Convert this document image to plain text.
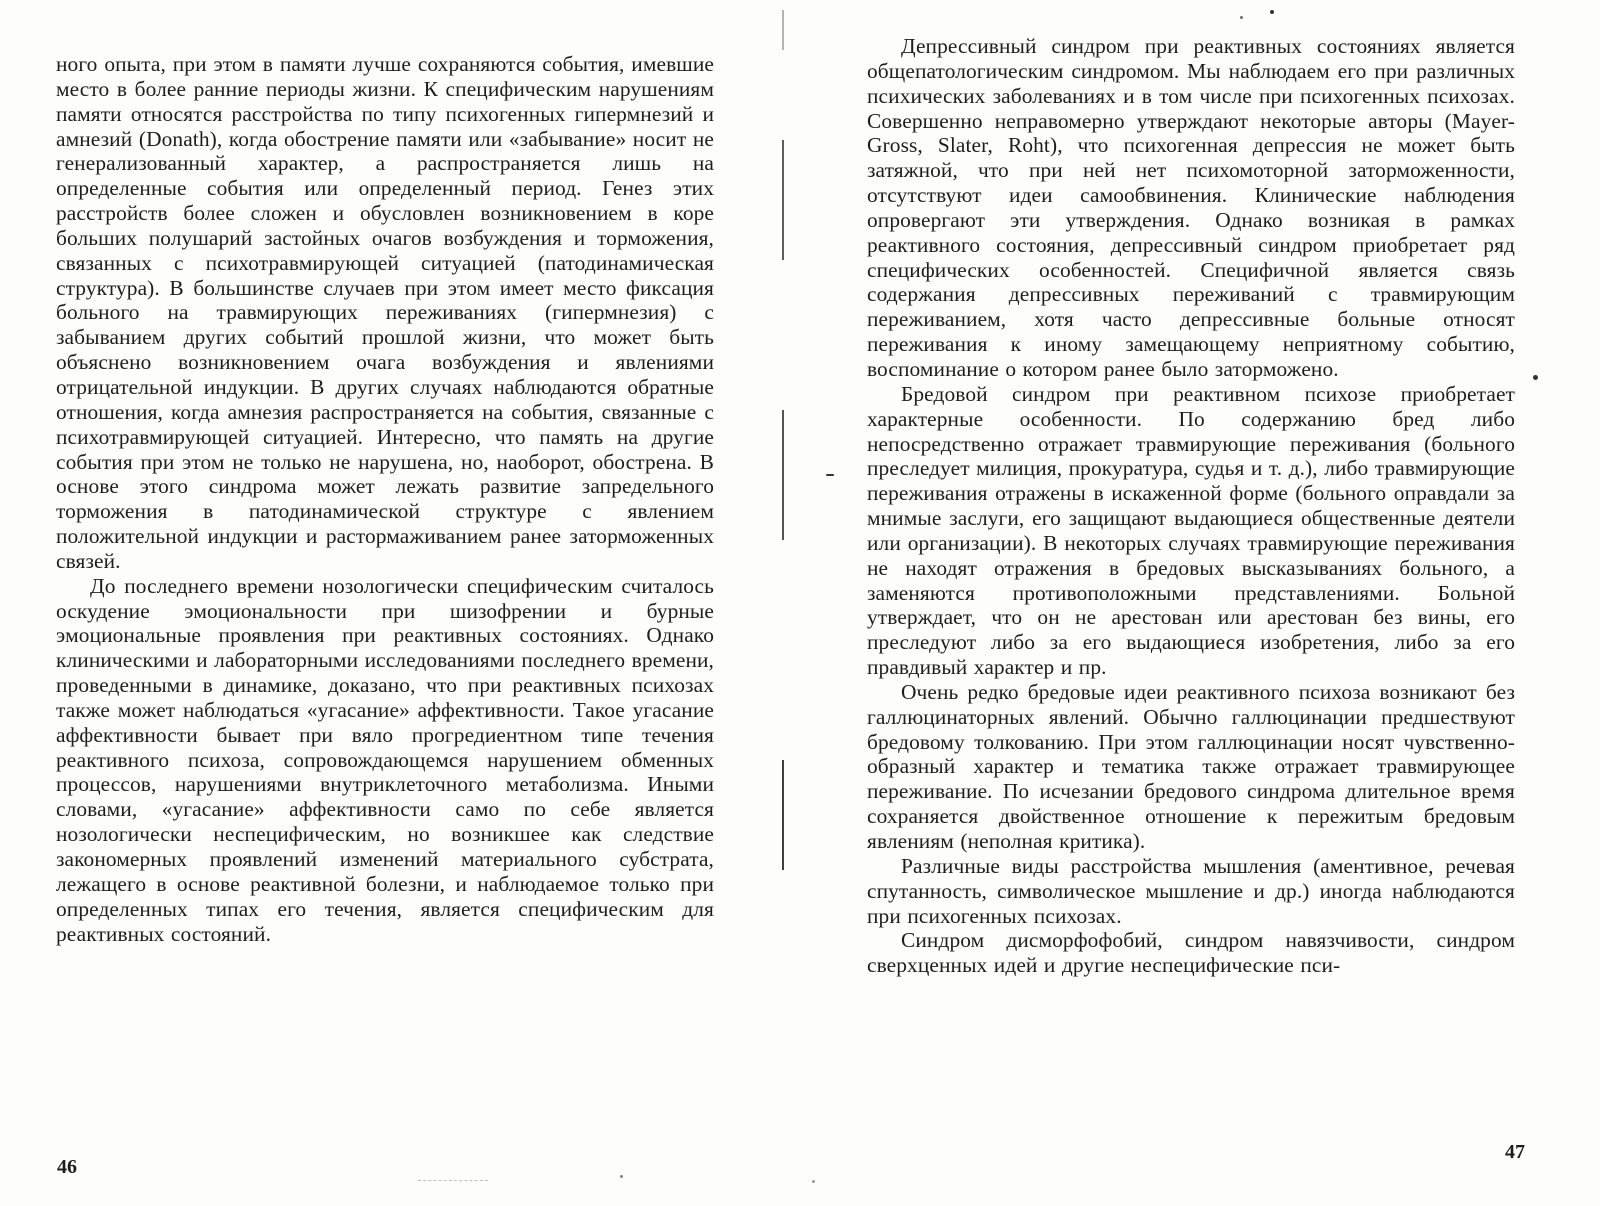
ного опыта, при этом в памяти лучше сохраняются события, имевшие место в более ранние периоды жизни. К специфическим нарушениям памяти относятся расстройства по типу психогенных гипермнезий и амнезий (Donath), когда обострение памяти или «забывание» носит не генерализованный характер, а распространяется лишь на определенные события или определенный период. Генез этих расстройств более сложен и обусловлен возникновением в коре больших полушарий застойных очагов возбуждения и торможения, связанных с психотравмирующей ситуацией (патодинамическая структура). В большинстве случаев при этом имеет место фиксация больного на травмирующих переживаниях (гипермнезия) с забыванием других событий прошлой жизни, что может быть объяснено возникновением очага возбуждения и явлениями отрицательной индукции. В других случаях наблюдаются обратные отношения, когда амнезия распространяется на события, связанные с психотравмирующей ситуацией. Интересно, что память на другие события при этом не только не нарушена, но, наоборот, обострена. В основе этого синдрома может лежать развитие запредельного торможения в патодинамической структуре с явлением положительной индукции и растормаживанием ранее заторможенных связей.

До последнего времени нозологически специфическим считалось оскудение эмоциональности при шизофрении и бурные эмоциональные проявления при реактивных состояниях. Однако клиническими и лабораторными исследованиями последнего времени, проведенными в динамике, доказано, что при реактивных психозах также может наблюдаться «угасание» аффективности. Такое угасание аффективности бывает при вяло прогредиентном типе течения реактивного психоза, сопровождающемся нарушением обменных процессов, нарушениями внутриклеточного метаболизма. Иными словами, «угасание» аффективности само по себе является нозологически неспецифическим, но возникшее как следствие закономерных проявлений изменений материального субстрата, лежащего в основе реактивной болезни, и наблюдаемое только при определенных типах его течения, является специфическим для реактивных состояний.

46

Депрессивный синдром при реактивных состояниях является общепатологическим синдромом. Мы наблюдаем его при различных психических заболеваниях и в том числе при психогенных психозах. Совершенно неправомерно утверждают некоторые авторы (Mayer-Gross, Slater, Roht), что психогенная депрессия не может быть затяжной, что при ней нет психомоторной заторможенности, отсутствуют идеи самообвинения. Клинические наблюдения опровергают эти утверждения. Однако возникая в рамках реактивного состояния, депрессивный синдром приобретает ряд специфических особенностей. Специфичной является связь содержания депрессивных переживаний с травмирующим переживанием, хотя часто депрессивные больные относят переживания к иному замещающему неприятному событию, воспоминание о котором ранее было заторможено.

Бредовой синдром при реактивном психозе приобретает характерные особенности. По содержанию бред либо непосредственно отражает травмирующие переживания (больного преследует милиция, прокуратура, судья и т. д.), либо травмирующие переживания отражены в искаженной форме (больного оправдали за мнимые заслуги, его защищают выдающиеся общественные деятели или организации). В некоторых случаях травмирующие переживания не находят отражения в бредовых высказываниях больного, а заменяются противоположными представлениями. Больной утверждает, что он не арестован или арестован без вины, его преследуют либо за его выдающиеся изобретения, либо за его правдивый характер и пр.

Очень редко бредовые идеи реактивного психоза возникают без галлюцинаторных явлений. Обычно галлюцинации предшествуют бредовому толкованию. При этом галлюцинации носят чувственно-образный характер и тематика также отражает травмирующее переживание. По исчезании бредового синдрома длительное время сохраняется двойственное отношение к пережитым бредовым явлениям (неполная критика).

Различные виды расстройства мышления (аментивное, речевая спутанность, символическое мышление и др.) иногда наблюдаются при психогенных психозах.

Синдром дисморфофобий, синдром навязчивости, синдром сверхценных идей и другие неспецифические пси-

47
